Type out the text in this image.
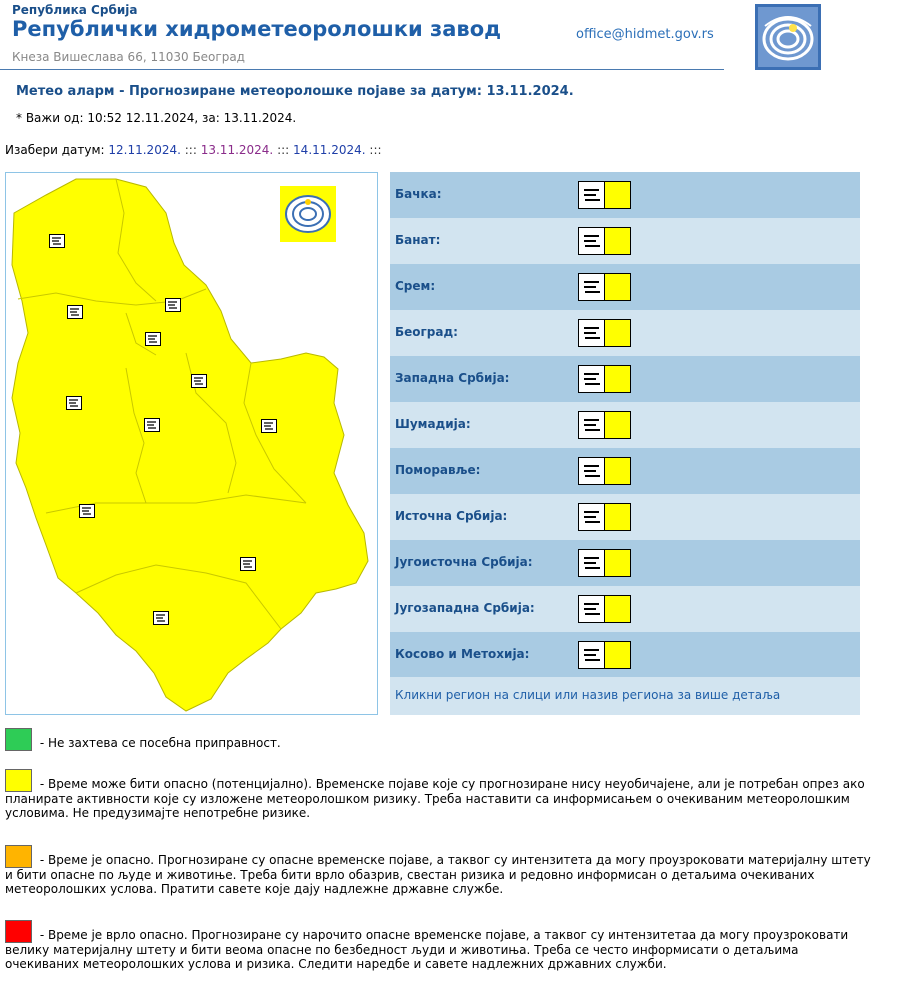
Република Србија
Републички хидрометеоролошки завод
Кнеза Вишеслава 66, 11030 Београд
office@hidmet.gov.rs
Метео аларм - Прогнозиране метеоролошке појаве за датум: 13.11.2024.
* Важи од: 10:52 12.11.2024, за: 13.11.2024.
Изабери датум: 12.11.2024. ::: 13.11.2024. ::: 14.11.2024. :::
Бачка:
Банат:
Срем:
Београд:
Западна Србија:
Шумадија:
Поморавље:
Источна Србија:
Југоисточна Србија:
Југозападна Србија:
Косово и Метохија:
Кликни регион на слици или назив региона за више детаља
- Не захтева се посебна приправност.
- Време може бити опасно (потенцијално). Временске појаве које су прогнозиране нису неуобичајене, али је потребан опрез ако планирате активности које су изложене метеоролошком ризику. Треба наставити са информисањем о очекиваним метеоролошким условима. Не предузимајте непотребне ризике.
- Време је опасно. Прогнозиране су опасне временске појаве, а таквог су интензитета да могу проузроковати материјалну штету и бити опасне по људе и животиње. Треба бити врло обазрив, свестан ризика и редовно информисан о детаљима очекиваних метеоролошких услова. Пратити савете које дају надлежне државне службе.
- Време је врло опасно. Прогнозиране су нарочито опасне временске појаве, а таквог су интензитетаа да могу проузроковати велику материјалну штету и бити веома опасне по безбедност људи и животиња. Треба се често информисати о детаљима очекиваних метеоролошких услова и ризика. Следити наредбе и савете надлежних државних служби.
